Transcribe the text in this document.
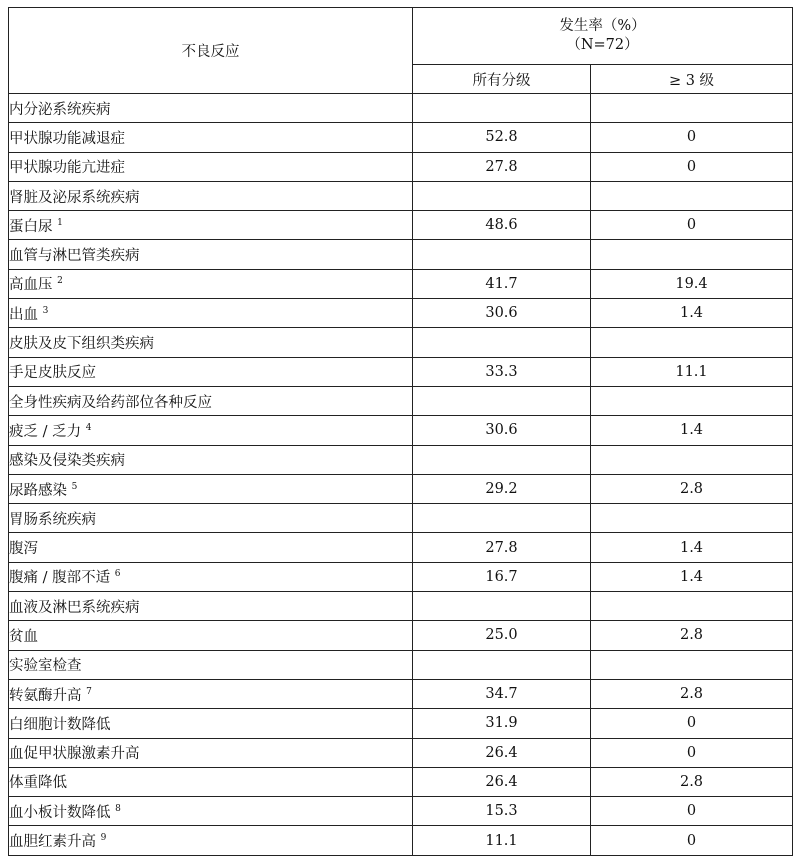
不良反应	发生率（%）
（N=72）	

	所有分级	≥ 3 级
内分泌系统疾病		
甲状腺功能减退症	52.8	0
甲状腺功能亢进症	27.8	0
肾脏及泌尿系统疾病		
蛋白尿 $^1$	48.6	0
血管与淋巴管类疾病		
高血压 $^2$	41.7	19.4
出血 $^3$	30.6	1.4
皮肤及皮下组织类疾病		
手足皮肤反应	33.3	11.1
全身性疾病及给药部位各种反应		
疲乏 / 乏力 $^4$	30.6	1.4
感染及侵染类疾病		
尿路感染 $^5$	29.2	2.8
胃肠系统疾病		
腹泻	27.8	1.4
腹痛 / 腹部不适 $^6$	16.7	1.4
血液及淋巴系统疾病		
贫血	25.0	2.8
实验室检查		
转氨酶升高 $^7$	34.7	2.8
白细胞计数降低	31.9	0
血促甲状腺激素升高	26.4	0
体重降低	26.4	2.8
血小板计数降低 $^8$	15.3	0
血胆红素升高 $^9$	11.1	0
